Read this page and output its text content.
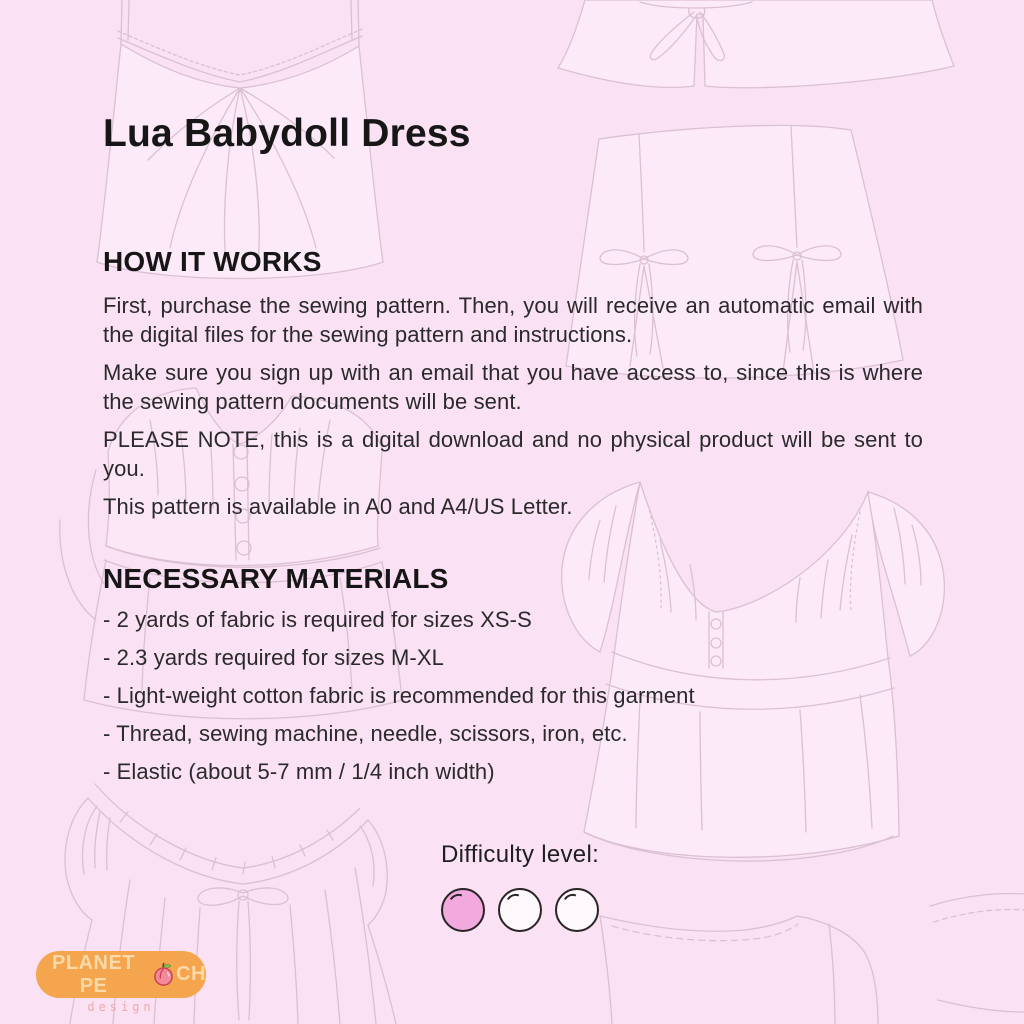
Lua Babydoll Dress
HOW IT WORKS

First, purchase the sewing pattern. Then, you will receive an automatic email with the digital files for the sewing pattern and instructions.

Make sure you sign up with an email that you have access to, since this is where the sewing pattern documents will be sent.

PLEASE NOTE, this is a digital download and no physical product will be sent to you.

This pattern is available in A0 and A4/US Letter.

NECESSARY MATERIALS
- 2 yards of fabric is required for sizes XS-S
- 2.3 yards required for sizes M-XL
- Light-weight cotton fabric is recommended for this garment
- Thread, sewing machine, needle, scissors, iron, etc.
- Elastic (about 5-7 mm / 1/4 inch width)
Difficulty level:
PLANET PE
CH
design
